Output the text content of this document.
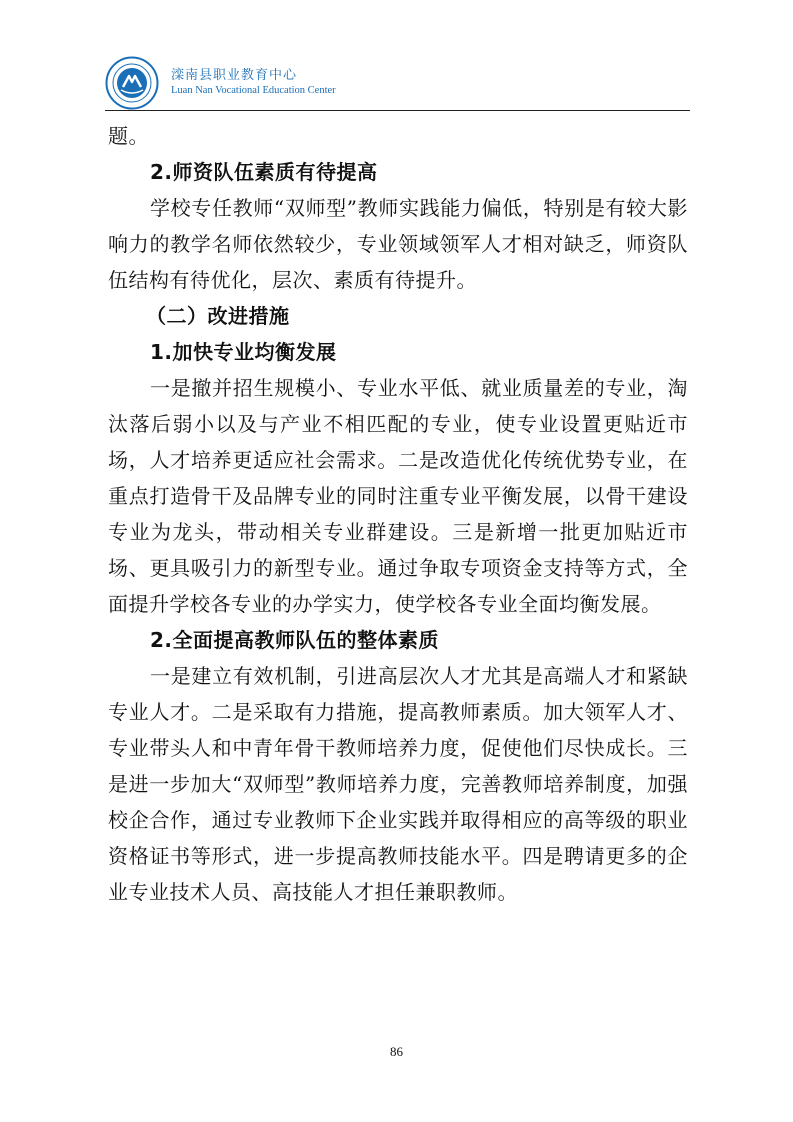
滦南县职业教育中心
Luan Nan Vocational Education Center

题。

2.师资队伍素质有待提高

学校专任教师“双师型”教师实践能力偏低，特别是有较大影响力的教学名师依然较少，专业领域领军人才相对缺乏，师资队伍结构有待优化，层次、素质有待提升。

（二）改进措施
1.加快专业均衡发展

一是撤并招生规模小、专业水平低、就业质量差的专业，淘汰落后弱小以及与产业不相匹配的专业，使专业设置更贴近市场，人才培养更适应社会需求。二是改造优化传统优势专业，在重点打造骨干及品牌专业的同时注重专业平衡发展，以骨干建设专业为龙头，带动相关专业群建设。三是新增一批更加贴近市场、更具吸引力的新型专业。通过争取专项资金支持等方式，全面提升学校各专业的办学实力，使学校各专业全面均衡发展。

2.全面提高教师队伍的整体素质

一是建立有效机制，引进高层次人才尤其是高端人才和紧缺专业人才。二是采取有力措施，提高教师素质。加大领军人才、专业带头人和中青年骨干教师培养力度，促使他们尽快成长。三是进一步加大“双师型”教师培养力度，完善教师培养制度，加强校企合作，通过专业教师下企业实践并取得相应的高等级的职业资格证书等形式，进一步提高教师技能水平。四是聘请更多的企业专业技术人员、高技能人才担任兼职教师。

86
